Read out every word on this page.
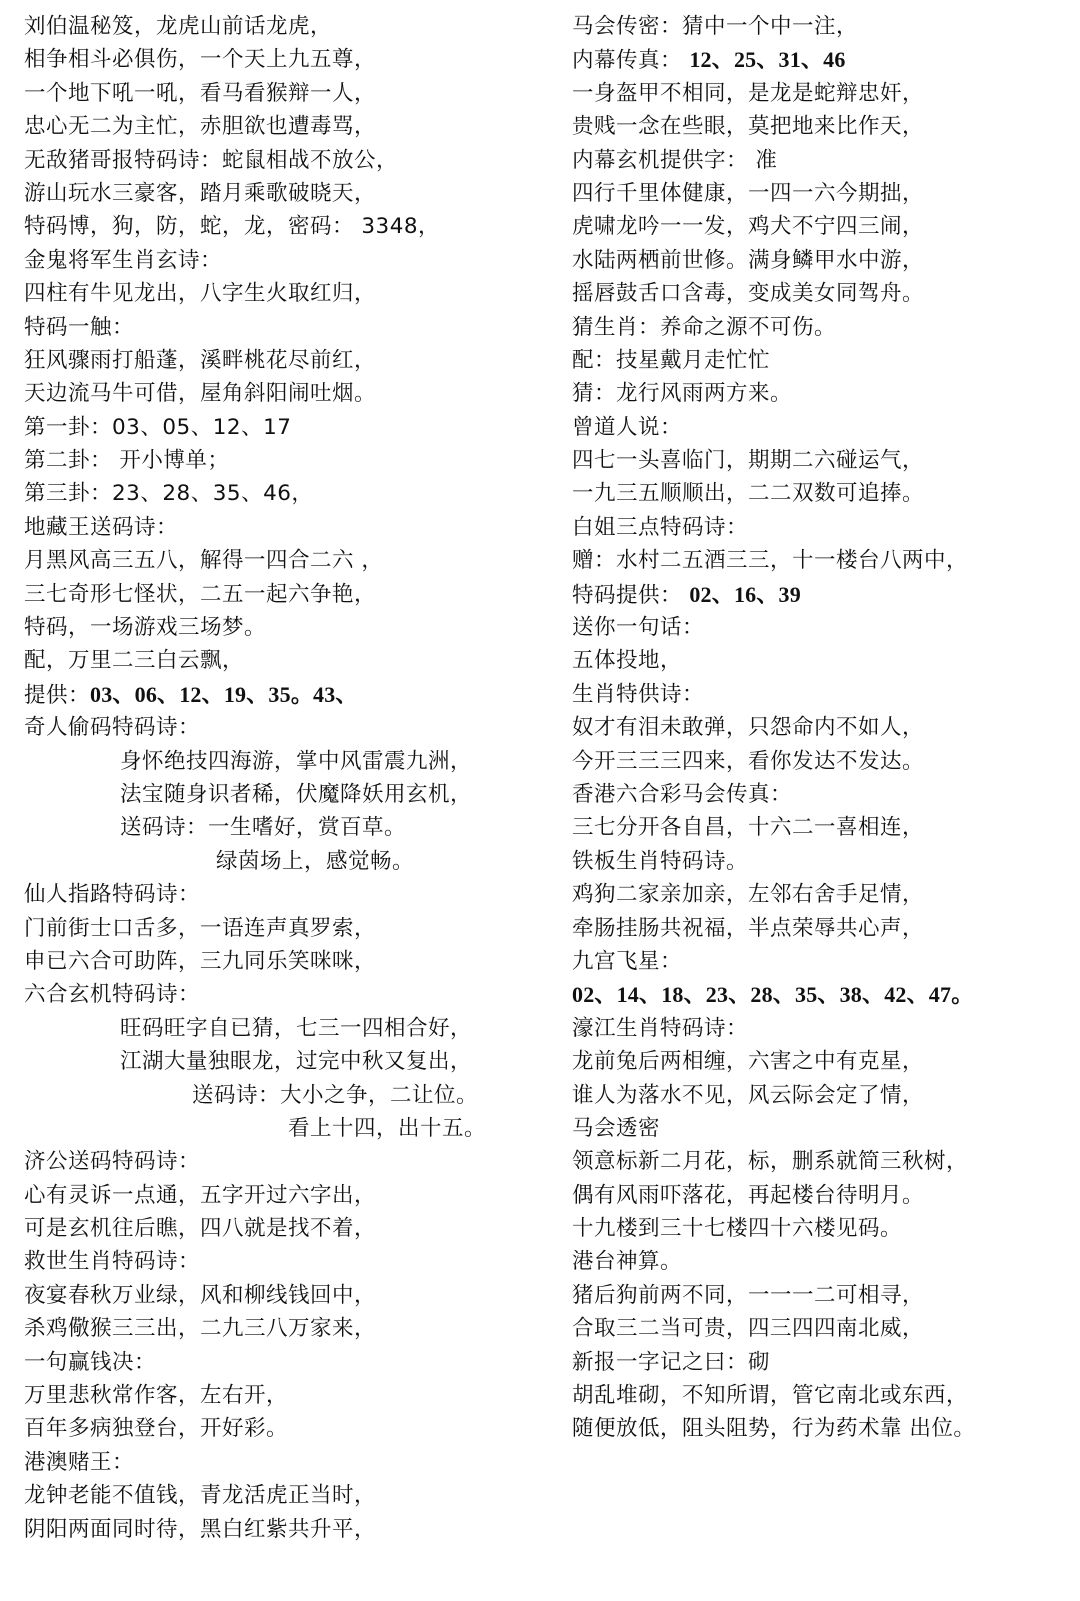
刘伯温秘笈，龙虎山前话龙虎，
相争相斗必俱伤，一个天上九五尊，
一个地下吼一吼，看马看猴辩一人，
忠心无二为主忙，赤胆欲也遭毒骂，
无敌猪哥报特码诗：蛇鼠相战不放公，
游山玩水三豪客，踏月乘歌破晓天，
特码博，狗，防，蛇，龙，密码： 3348，
金鬼将军生肖玄诗：
四柱有牛见龙出，八字生火取红归，
特码一触：
狂风骤雨打船蓬，溪畔桃花尽前红，
天边流马牛可借，屋角斜阳闹吐烟。
第一卦：03、05、12、17
第二卦： 开小博单；
第三卦：23、28、35、46，
地藏王送码诗：
月黑风高三五八，解得一四合二六 ，
三七奇形七怪状，二五一起六争艳，
特码，一场游戏三场梦。
配，万里二三白云飘，
提供：03、06、12、19、35。43、
奇人偷码特码诗：
身怀绝技四海游，掌中风雷震九洲，
法宝随身识者稀，伏魔降妖用玄机，
送码诗：一生嗜好，赏百草。
绿茵场上，感觉畅。
仙人指路特码诗：
门前街士口舌多，一语连声真罗索，
申已六合可助阵，三九同乐笑咪咪，
六合玄机特码诗：
旺码旺字自已猜，七三一四相合好，
江湖大量独眼龙，过完中秋又复出，
送码诗：大小之争，二让位。
看上十四，出十五。
济公送码特码诗：
心有灵诉一点通，五字开过六字出，
可是玄机往后瞧，四八就是找不着，
救世生肖特码诗：
夜宴春秋万业绿，风和柳线钱回中，
杀鸡儆猴三三出，二九三八万家来，
一句赢钱决：
万里悲秋常作客，左右开，
百年多病独登台，开好彩。
港澳赌王：
龙钟老能不值钱，青龙活虎正当时，
阴阳两面同时待，黑白红紫共升平，
马会传密：猜中一个中一注，
内幕传真： 12、25、31、46
一身盔甲不相同，是龙是蛇辩忠奸，
贵贱一念在些眼，莫把地来比作天，
内幕玄机提供字： 准
四行千里体健康，一四一六今期拙，
虎啸龙吟一一发，鸡犬不宁四三闹，
水陆两栖前世修。满身鳞甲水中游，
摇唇鼓舌口含毒，变成美女同驾舟。
猜生肖：养命之源不可伤。
配：技星戴月走忙忙
猜：龙行风雨两方来。
曾道人说：
四七一头喜临门，期期二六碰运气，
一九三五顺顺出，二二双数可追捧。
白姐三点特码诗：
赠：水村二五酒三三，十一楼台八两中，
特码提供： 02、16、39
送你一句话：
五体投地，
生肖特供诗：
奴才有泪未敢弹，只怨命内不如人，
今开三三三四来，看你发达不发达。
香港六合彩马会传真：
三七分开各自昌，十六二一喜相连，
铁板生肖特码诗。
鸡狗二家亲加亲，左邻右舍手足情，
牵肠挂肠共祝福，半点荣辱共心声，
九宫飞星：
02、14、18、23、28、35、38、42、47。
濠江生肖特码诗：
龙前兔后两相缠，六害之中有克星，
谁人为落水不见，风云际会定了情，
马会透密
领意标新二月花，标，删系就简三秋树，
偶有风雨吓落花，再起楼台待明月。
十九楼到三十七楼四十六楼见码。
港台神算。
猪后狗前两不同，一一一二可相寻，
合取三二当可贵，四三四四南北威，
新报一字记之曰：砌
胡乱堆砌，不知所谓，管它南北或东西，
随便放低，阻头阻势，行为药术靠 出位。
